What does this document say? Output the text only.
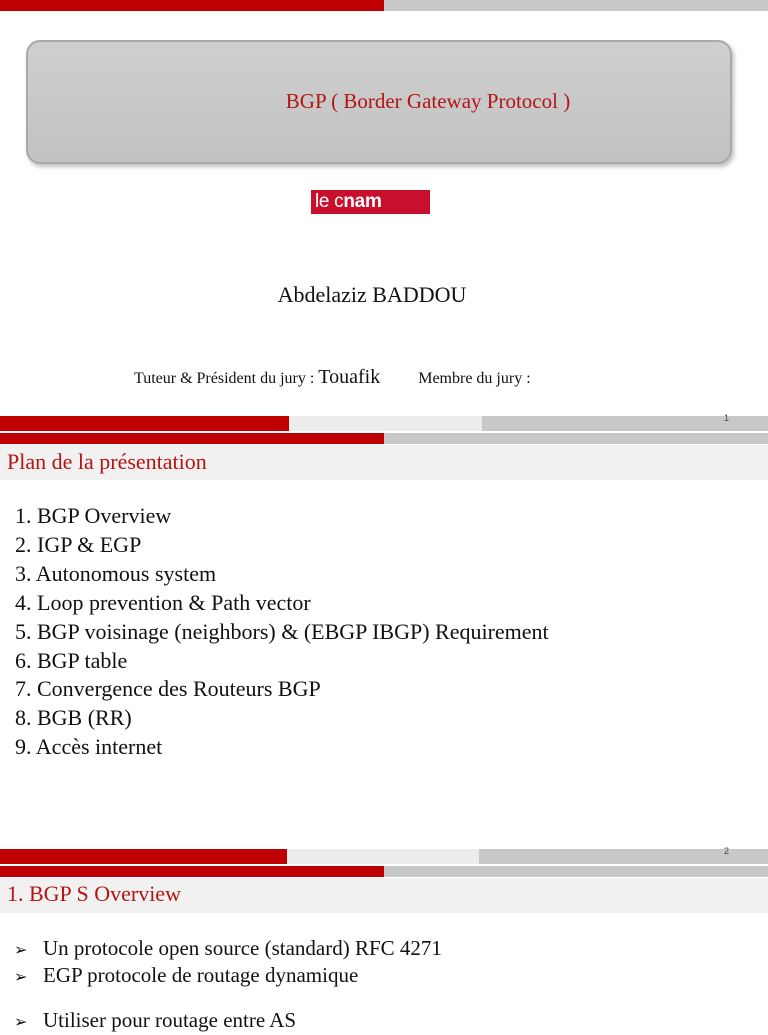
BGP ( Border Gateway Protocol )
le cnam
Abdelaziz BADDOU
Tuteur & Président du jury : Touafik Membre du jury :
1
Plan de la présentation
1. BGP Overview
2. IGP & EGP
3. Autonomous system
4. Loop prevention & Path vector
5. BGP voisinage (neighbors) & (EBGP IBGP) Requirement
6. BGP table
7. Convergence des Routeurs BGP
8. BGB (RR)
9. Accès internet
2
1. BGP S Overview
➢ Un protocole open source (standard) RFC 4271
➢ EGP protocole de routage dynamique
➢ Utiliser pour routage entre AS
